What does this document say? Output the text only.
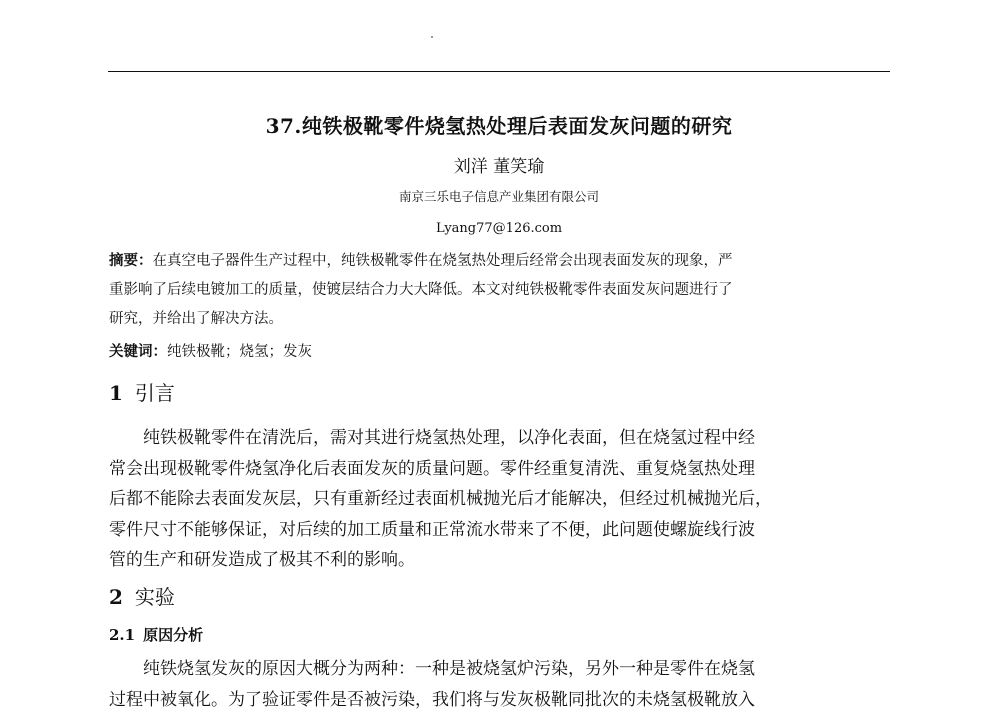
37.纯铁极靴零件烧氢热处理后表面发灰问题的研究
刘洋 董笑瑜
南京三乐电子信息产业集团有限公司
Lyang77@126.com
摘要：在真空电子器件生产过程中，纯铁极靴零件在烧氢热处理后经常会出现表面发灰的现象，严
重影响了后续电镀加工的质量，使镀层结合力大大降低。本文对纯铁极靴零件表面发灰问题进行了
研究，并给出了解决方法。
关键词：纯铁极靴；烧氢；发灰
1 引言
　　纯铁极靴零件在清洗后，需对其进行烧氢热处理，以净化表面，但在烧氢过程中经
常会出现极靴零件烧氢净化后表面发灰的质量问题。零件经重复清洗、重复烧氢热处理
后都不能除去表面发灰层，只有重新经过表面机械抛光后才能解决，但经过机械抛光后，
零件尺寸不能够保证，对后续的加工质量和正常流水带来了不便，此问题使螺旋线行波
管的生产和研发造成了极其不利的影响。
2 实验
2.1 原因分析
　　纯铁烧氢发灰的原因大概分为两种：一种是被烧氢炉污染，另外一种是零件在烧氢
过程中被氧化。为了验证零件是否被污染，我们将与发灰极靴同批次的未烧氢极靴放入
